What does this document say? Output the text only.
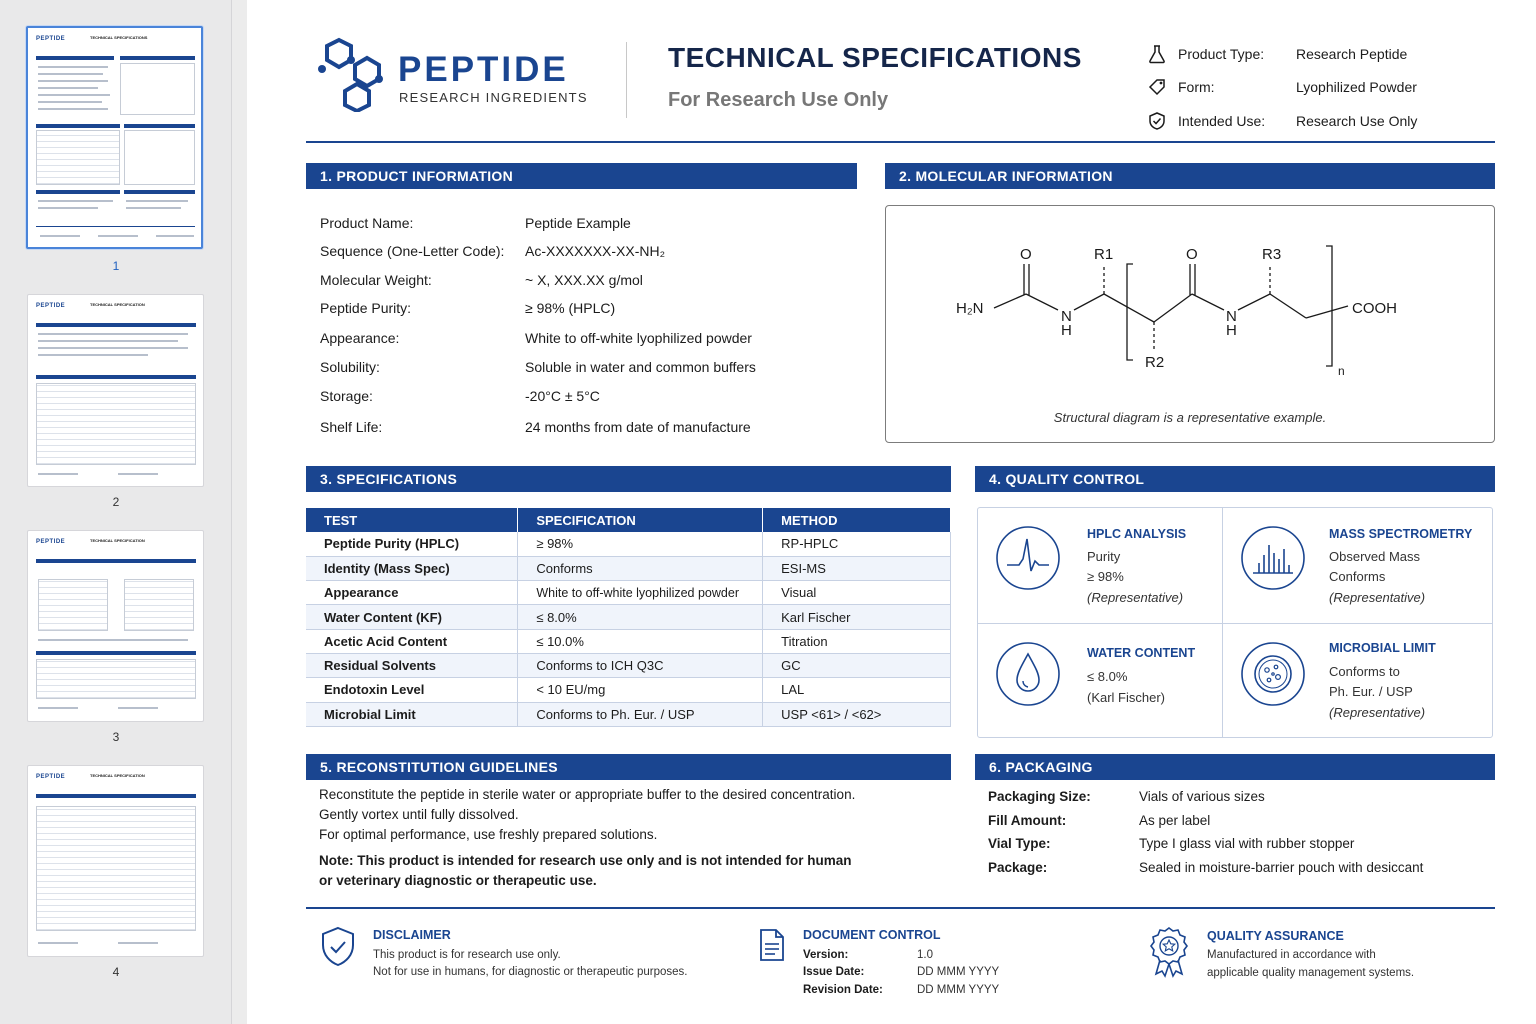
PEPTIDE	TECHNICAL SPECIFICATIONS
1
PEPTIDE	TECHNICAL SPECIFICATION
2
PEPTIDE	TECHNICAL SPECIFICATION
3
PEPTIDE	TECHNICAL SPECIFICATION
4
PEPTIDE
RESEARCH INGREDIENTS
TECHNICAL SPECIFICATIONS
For Research Use Only
Product Type: Research Peptide
Form:	Lyophilized Powder
Intended Use: Research Use Only
1. PRODUCT INFORMATION
Product Name:	Peptide Example
Sequence (One-Letter Code): Ac-XXXXXXX-XX-NH₂
Molecular Weight:	~ X, XXX.XX g/mol
Peptide Purity:	≥ 98% (HPLC)
Appearance:	White to off-white lyophilized powder
Solubility:	Soluble in water and common buffers
Storage:	-20°C ± 5°C
Shelf Life:	24 months from date of manufacture
2. MOLECULAR INFORMATION
H₂N
O	R1	O	R3
N
H
N
H
R2
COOH
n
Structural diagram is a representative example.
3. SPECIFICATIONS
TEST	SPECIFICATION	METHOD
Peptide Purity (HPLC)	≥ 98%	RP-HPLC
Identity (Mass Spec)	Conforms	ESI-MS
Appearance	White to off-white lyophilized powder	Visual
Water Content (KF)	≤ 8.0%	Karl Fischer
Acetic Acid Content	≤ 10.0%	Titration
Residual Solvents	Conforms to ICH Q3C	GC
Endotoxin Level	< 10 EU/mg	LAL
Microbial Limit	Conforms to Ph. Eur. / USP	USP <61> / <62>
4. QUALITY CONTROL
HPLC ANALYSIS
Purity
≥ 98%
(Representative)
MASS SPECTROMETRY
Observed Mass
Conforms
(Representative)
WATER CONTENT
≤ 8.0%
(Karl Fischer)
MICROBIAL LIMIT
Conforms to
Ph. Eur. / USP
(Representative)
5. RECONSTITUTION GUIDELINES
Reconstitute the peptide in sterile water or appropriate buffer to the desired concentration.
Gently vortex until fully dissolved.
For optimal performance, use freshly prepared solutions.
Note: This product is intended for research use only and is not intended for human
or veterinary diagnostic or therapeutic use.
6. PACKAGING
Packaging Size:	Vials of various sizes
Fill Amount:	As per label
Vial Type:	Type I glass vial with rubber stopper
Package:	Sealed in moisture-barrier pouch with desiccant
DISCLAIMER
This product is for research use only.
Not for use in humans, for diagnostic or therapeutic purposes.
DOCUMENT CONTROL
Version:	1.0
Issue Date:	DD MMM YYYY
Revision Date:	DD MMM YYYY
QUALITY ASSURANCE
Manufactured in accordance with
applicable quality management systems.
